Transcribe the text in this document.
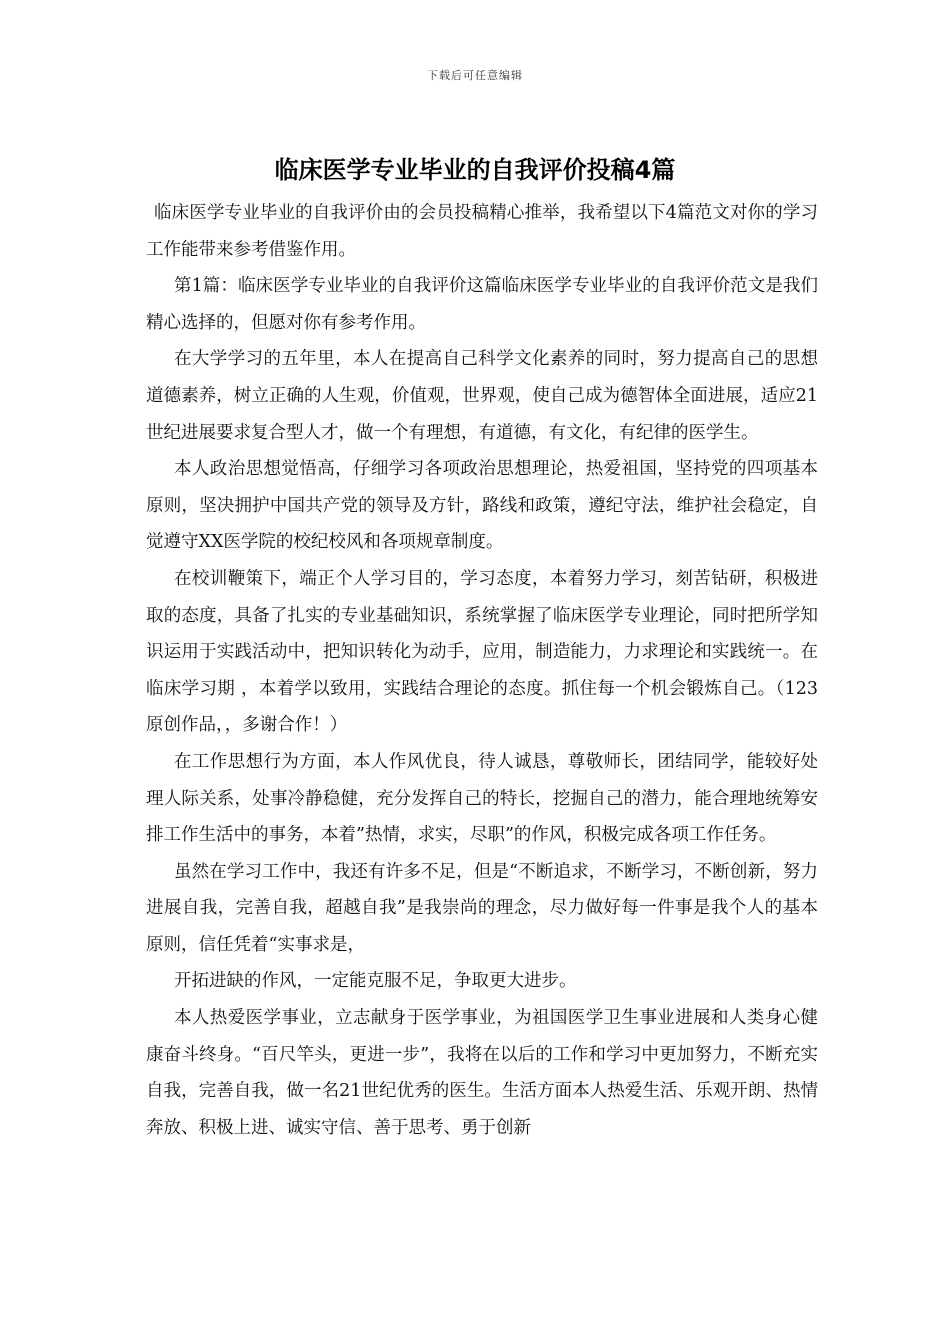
下载后可任意编辑
临床医学专业毕业的自我评价投稿4篇

临床医学专业毕业的自我评价由的会员投稿精心推举，我希望以下4篇范文对你的学习工作能带来参考借鉴作用。

第1篇：临床医学专业毕业的自我评价这篇临床医学专业毕业的自我评价范文是我们精心选择的，但愿对你有参考作用。

在大学学习的五年里，本人在提高自己科学文化素养的同时，努力提高自己的思想道德素养，树立正确的人生观，价值观，世界观，使自己成为德智体全面进展，适应21世纪进展要求复合型人才，做一个有理想，有道德，有文化，有纪律的医学生。

本人政治思想觉悟高，仔细学习各项政治思想理论，热爱祖国，坚持党的四项基本原则，坚决拥护中国共产党的领导及方针，路线和政策，遵纪守法，维护社会稳定，自觉遵守XX医学院的校纪校风和各项规章制度。

在校训鞭策下，端正个人学习目的，学习态度，本着努力学习，刻苦钻研，积极进取的态度，具备了扎实的专业基础知识，系统掌握了临床医学专业理论，同时把所学知识运用于实践活动中，把知识转化为动手，应用，制造能力，力求理论和实践统一。在临床学习期 ，本着学以致用，实践结合理论的态度。抓住每一个机会锻炼自己。（123 原创作品，，多谢合作！）

在工作思想行为方面，本人作风优良，待人诚恳，尊敬师长，团结同学，能较好处理人际关系，处事冷静稳健，充分发挥自己的特长，挖掘自己的潜力，能合理地统筹安排工作生活中的事务，本着”热情，求实，尽职”的作风，积极完成各项工作任务。

虽然在学习工作中，我还有许多不足，但是“不断追求，不断学习，不断创新，努力进展自我，完善自我，超越自我”是我崇尚的理念，尽力做好每一件事是我个人的基本原则，信任凭着“实事求是，

开拓进缺的作风，一定能克服不足，争取更大进步。

本人热爱医学事业，立志献身于医学事业，为祖国医学卫生事业进展和人类身心健康奋斗终身。“百尺竿头，更进一步”，我将在以后的工作和学习中更加努力，不断充实自我，完善自我，做一名21世纪优秀的医生。生活方面本人热爱生活、乐观开朗、热情奔放、积极上进、诚实守信、善于思考、勇于创新
